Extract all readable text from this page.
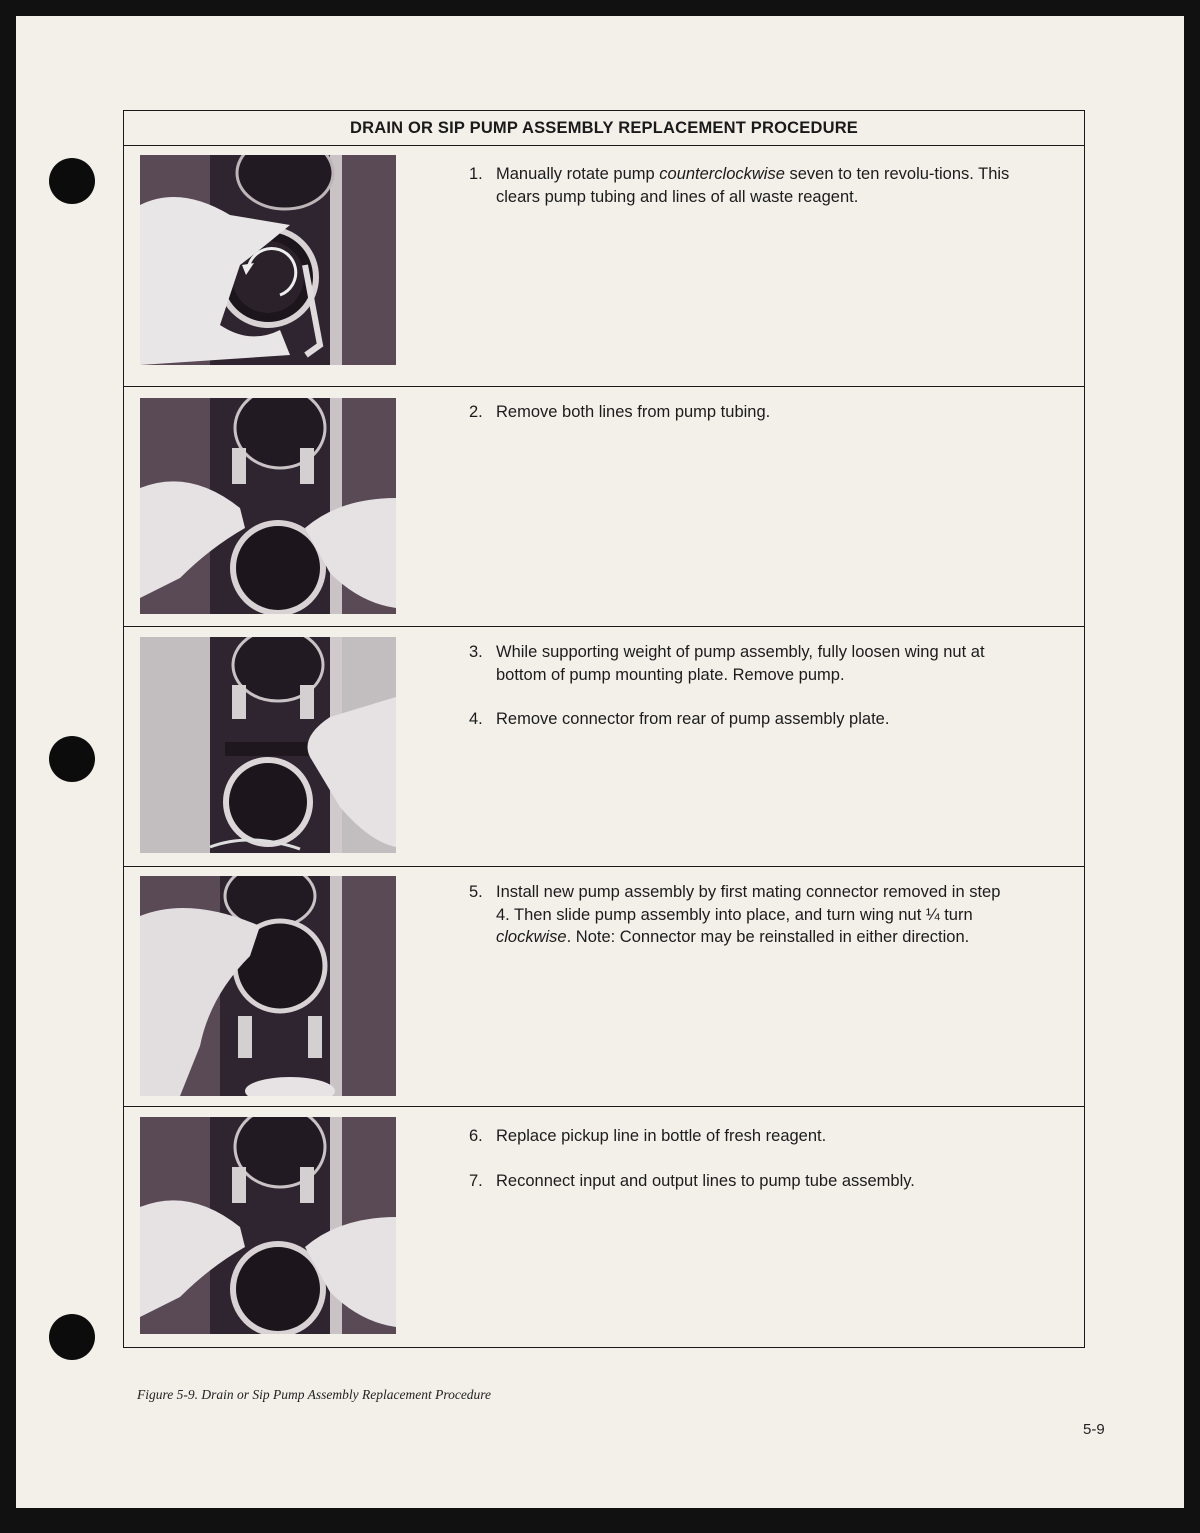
DRAIN OR SIP PUMP ASSEMBLY REPLACEMENT PROCEDURE
1. Manually rotate pump counterclockwise seven to ten revolu-tions. This clears pump tubing and lines of all waste reagent.
2. Remove both lines from pump tubing.
3. While supporting weight of pump assembly, fully loosen wing nut at bottom of pump mounting plate. Remove pump.
4. Remove connector from rear of pump assembly plate.
5. Install new pump assembly by first mating connector removed in step 4. Then slide pump assembly into place, and turn wing nut ¼ turn clockwise. Note: Connector may be reinstalled in either direction.
6. Replace pickup line in bottle of fresh reagent.
7. Reconnect input and output lines to pump tube assembly.
Figure 5-9. Drain or Sip Pump Assembly Replacement Procedure
5-9
